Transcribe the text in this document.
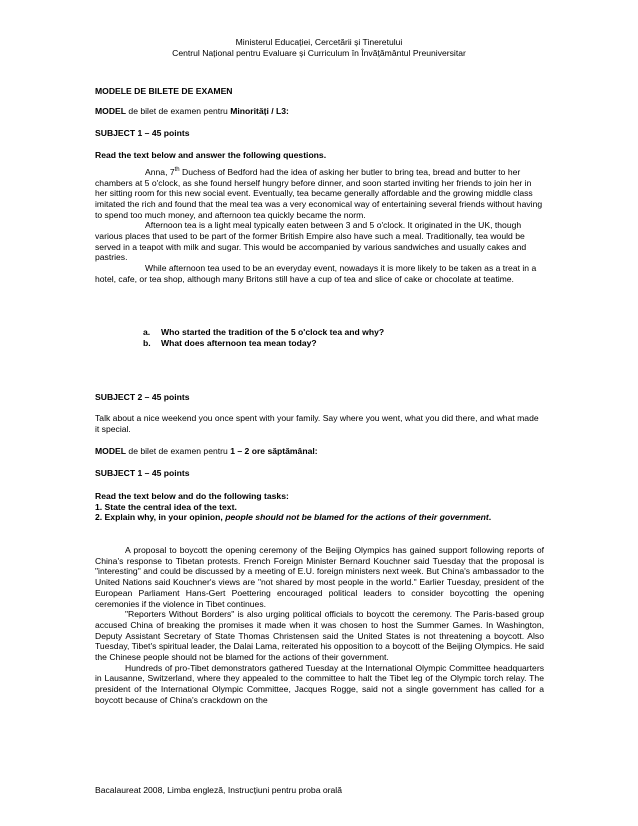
Ministerul Educației, Cercetării și Tineretului
Centrul Național pentru Evaluare și Curriculum în Învățământul Preuniversitar
MODELE DE BILETE DE EXAMEN
MODEL de bilet de examen pentru Minorități / L3:
SUBJECT 1 – 45 points
Read the text below and answer the following questions.

Anna, 7th Duchess of Bedford had the idea of asking her butler to bring tea, bread and butter to her chambers at 5 o'clock, as she found herself hungry before dinner, and soon started inviting her friends to join her in her sitting room for this new social event. Eventually, tea became generally affordable and the growing middle class imitated the rich and found that the meal tea was a very economical way of entertaining several friends without having to spend too much money, and afternoon tea quickly became the norm.

Afternoon tea is a light meal typically eaten between 3 and 5 o'clock. It originated in the UK, though various places that used to be part of the former British Empire also have such a meal. Traditionally, tea would be served in a teapot with milk and sugar. This would be accompanied by various sandwiches and usually cakes and pastries.

While afternoon tea used to be an everyday event, nowadays it is more likely to be taken as a treat in a hotel, cafe, or tea shop, although many Britons still have a cup of tea and slice of cake or chocolate at teatime.

a. Who started the tradition of the 5 o'clock tea and why?
b. What does afternoon tea mean today?
SUBJECT 2 – 45 points
Talk about a nice weekend you once spent with your family. Say where you went, what you did there, and what made it special.
MODEL de bilet de examen pentru 1 – 2 ore săptămânal:
SUBJECT 1 – 45 points

Read the text below and do the following tasks:

1. State the central idea of the text.

2. Explain why, in your opinion, people should not be blamed for the actions of their government.

A proposal to boycott the opening ceremony of the Beijing Olympics has gained support following reports of China's response to Tibetan protests. French Foreign Minister Bernard Kouchner said Tuesday that the proposal is "interesting" and could be discussed by a meeting of E.U. foreign ministers next week. But China's ambassador to the United Nations said Kouchner's views are "not shared by most people in the world." Earlier Tuesday, president of the European Parliament Hans-Gert Poettering encouraged political leaders to consider boycotting the opening ceremonies if the violence in Tibet continues.

"Reporters Without Borders" is also urging political officials to boycott the ceremony. The Paris-based group accused China of breaking the promises it made when it was chosen to host the Summer Games. In Washington, Deputy Assistant Secretary of State Thomas Christensen said the United States is not threatening a boycott. Also Tuesday, Tibet's spiritual leader, the Dalai Lama, reiterated his opposition to a boycott of the Beijing Olympics. He said the Chinese people should not be blamed for the actions of their government.

Hundreds of pro-Tibet demonstrators gathered Tuesday at the International Olympic Committee headquarters in Lausanne, Switzerland, where they appealed to the committee to halt the Tibet leg of the Olympic torch relay. The president of the International Olympic Committee, Jacques Rogge, said not a single government has called for a boycott because of China's crackdown on the

Bacalaureat 2008, Limba engleză, Instrucțiuni pentru proba orală
